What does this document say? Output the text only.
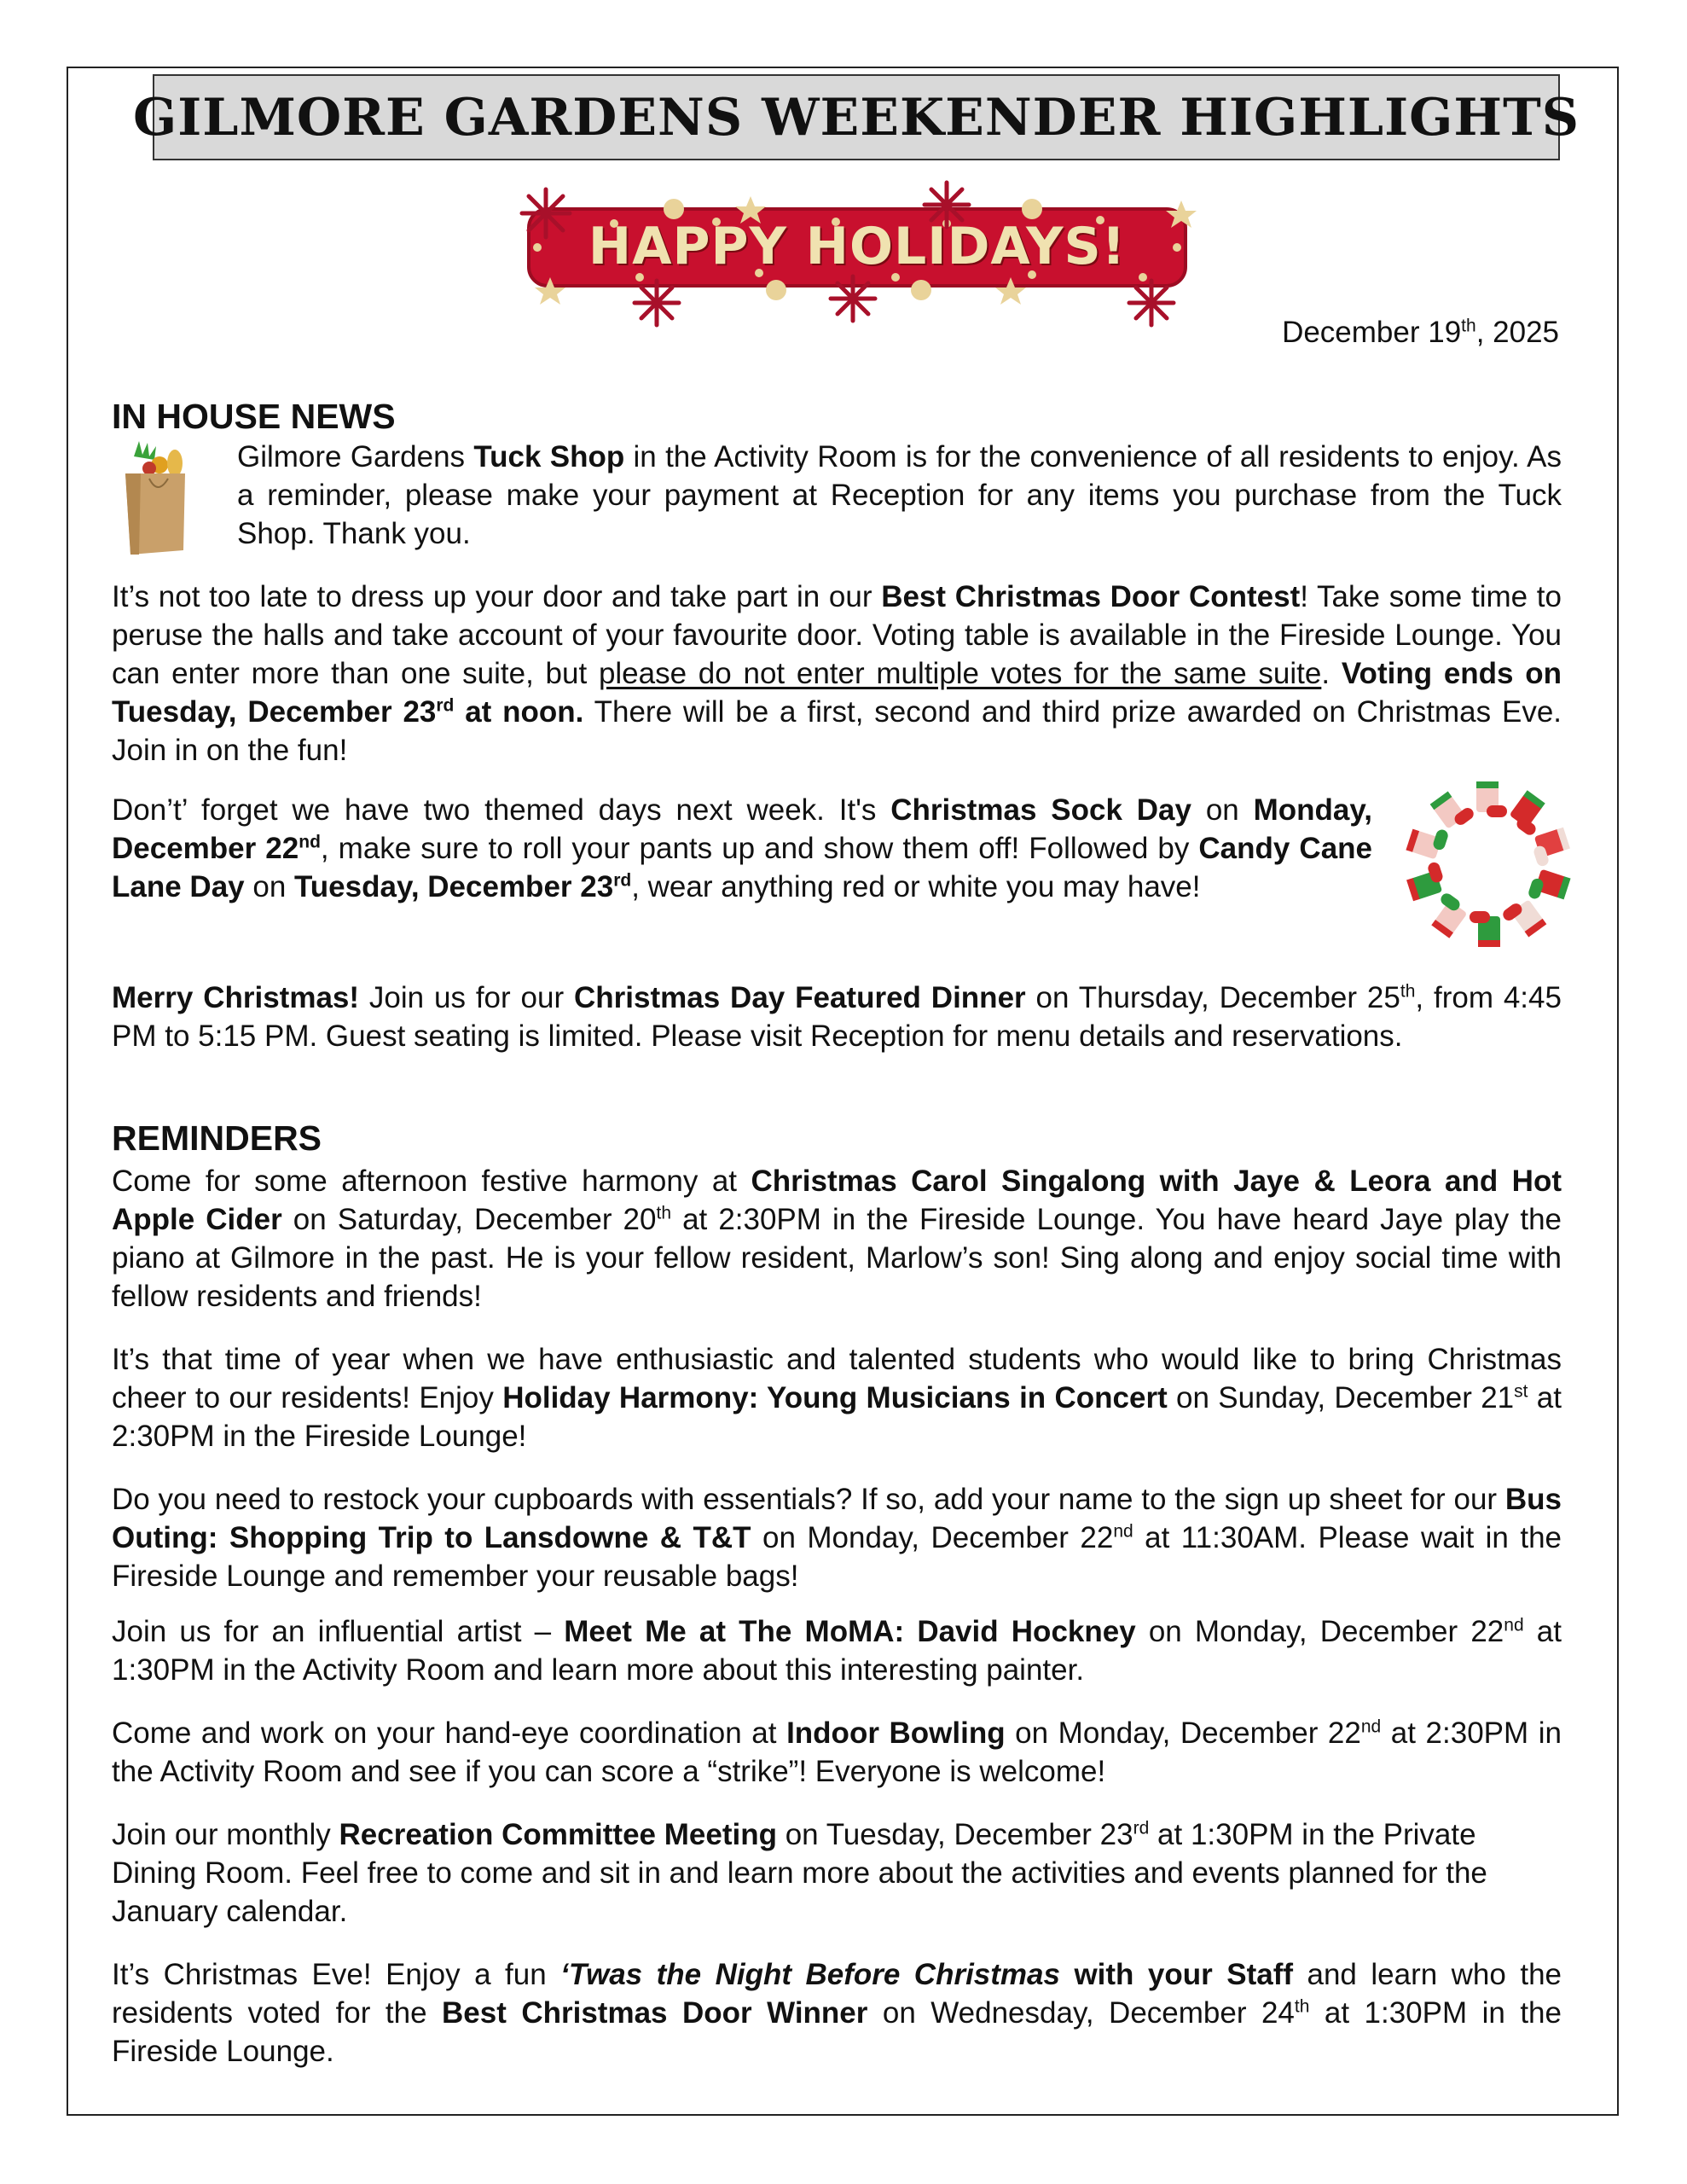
GILMORE GARDENS WEEKENDER HIGHLIGHTS
HAPPY HOLIDAYS!
December 19th, 2025
IN HOUSE NEWS

Gilmore Gardens Tuck Shop in the Activity Room is for the convenience of all residents to enjoy. As a reminder, please make your payment at Reception for any items you purchase from the Tuck Shop. Thank you.

It’s not too late to dress up your door and take part in our Best Christmas Door Contest! Take some time to peruse the halls and take account of your favourite door. Voting table is available in the Fireside Lounge. You can enter more than one suite, but please do not enter multiple votes for the same suite. Voting ends on Tuesday, December 23rd at noon. There will be a first, second and third prize awarded on Christmas Eve. Join in on the fun!

Don’t’ forget we have two themed days next week. It's Christmas Sock Day on Monday, December 22nd, make sure to roll your pants up and show them off! Followed by Candy Cane Lane Day on Tuesday, December 23rd, wear anything red or white you may have!

Merry Christmas! Join us for our Christmas Day Featured Dinner on Thursday, December 25th, from 4:45 PM to 5:15 PM. Guest seating is limited. Please visit Reception for menu details and reservations.

REMINDERS

Come for some afternoon festive harmony at Christmas Carol Singalong with Jaye & Leora and Hot Apple Cider on Saturday, December 20th at 2:30PM in the Fireside Lounge. You have heard Jaye play the piano at Gilmore in the past. He is your fellow resident, Marlow’s son! Sing along and enjoy social time with fellow residents and friends!

It’s that time of year when we have enthusiastic and talented students who would like to bring Christmas cheer to our residents! Enjoy Holiday Harmony: Young Musicians in Concert on Sunday, December 21st at 2:30PM in the Fireside Lounge!

Do you need to restock your cupboards with essentials? If so, add your name to the sign up sheet for our Bus Outing: Shopping Trip to Lansdowne & T&T on Monday, December 22nd at 11:30AM. Please wait in the Fireside Lounge and remember your reusable bags!

Join us for an influential artist – Meet Me at The MoMA: David Hockney on Monday, December 22nd at 1:30PM in the Activity Room and learn more about this interesting painter.

Come and work on your hand-eye coordination at Indoor Bowling on Monday, December 22nd at 2:30PM in the Activity Room and see if you can score a “strike”! Everyone is welcome!

Join our monthly Recreation Committee Meeting on Tuesday, December 23rd at 1:30PM in the Private Dining Room. Feel free to come and sit in and learn more about the activities and events planned for the January calendar.

It’s Christmas Eve! Enjoy a fun ‘Twas the Night Before Christmas with your Staff and learn who the residents voted for the Best Christmas Door Winner on Wednesday, December 24th at 1:30PM in the Fireside Lounge.
